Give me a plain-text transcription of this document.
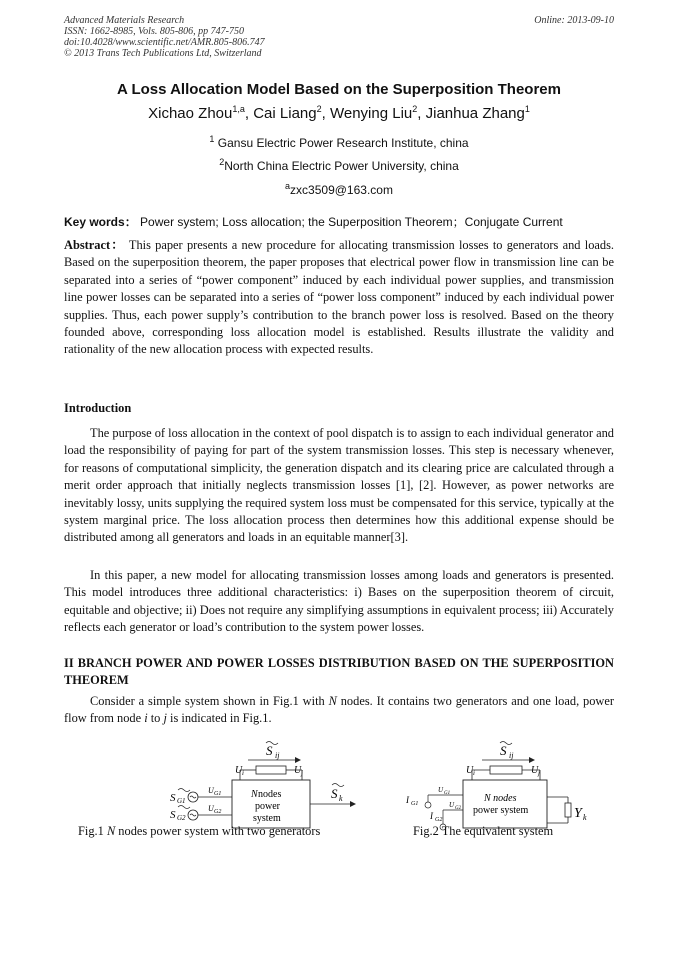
Advanced Materials Research
ISSN: 1662-8985, Vols. 805-806, pp 747-750
doi:10.4028/www.scientific.net/AMR.805-806.747
© 2013 Trans Tech Publications Ltd, Switzerland
Online: 2013-09-10
A Loss Allocation Model Based on the Superposition Theorem
Xichao Zhou$^{1,a}$, Cai Liang$^2$, Wenying Liu$^2$, Jianhua Zhang$^1$
$^1$ Gansu Electric Power Research Institute, china
$^2$North China Electric Power University, china
$^a$zxc3509@163.com
Key words： Power system; Loss allocation; the Superposition Theorem；Conjugate Current
Abstract： This paper presents a new procedure for allocating transmission losses to generators and loads. Based on the superposition theorem, the paper proposes that electrical power flow in transmission line can be separated into a series of “power component” induced by each individual power supplies, and transmission line power losses can be separated into a series of “power loss component” induced by each individual power supplies. Thus, each power supply’s contribution to the branch power loss is resolved. Based on the theory founded above, corresponding loss allocation model is established. Results illustrate the validity and rationality of the new allocation process with expected results.
Introduction
The purpose of loss allocation in the context of pool dispatch is to assign to each individual generator and load the responsibility of paying for part of the system transmission losses. This step is necessary whenever, for reasons of computational simplicity, the generation dispatch and its clearing price are calculated through a merit order approach that initially neglects transmission losses [1], [2]. However, as power networks are inevitably lossy, units supplying the required system loss must be compensated for this service, typically at the system marginal price. The loss allocation process then determines how this additional expense should be distributed among all generators and loads in an equitable manner[3].
In this paper, a new model for allocating transmission losses among loads and generators is presented. This model introduces three additional characteristics: i) Bases on the superposition theorem of circuit, equitable and objective; ii) Does not require any simplifying assumptions in equivalent process; iii) Accurately reflects each generator or load’s contribution to the system power losses.
II BRANCH POWER AND POWER LOSSES DISTRIBUTION BASED ON THE SUPERPOSITION THEOREM
Consider a simple system shown in Fig.1 with N nodes. It contains two generators and one load, power flow from node i to j is indicated in Fig.1.
S ij
U i	U
N nodes
power
system
S G1
U G1
S G2
U G2
S k
S ij
U i	U j
N nodes
power system
I G1
U G1
I G2
U G2	Y k
Fig.1 N nodes power system with two generators	Fig.2 The equivalent system
